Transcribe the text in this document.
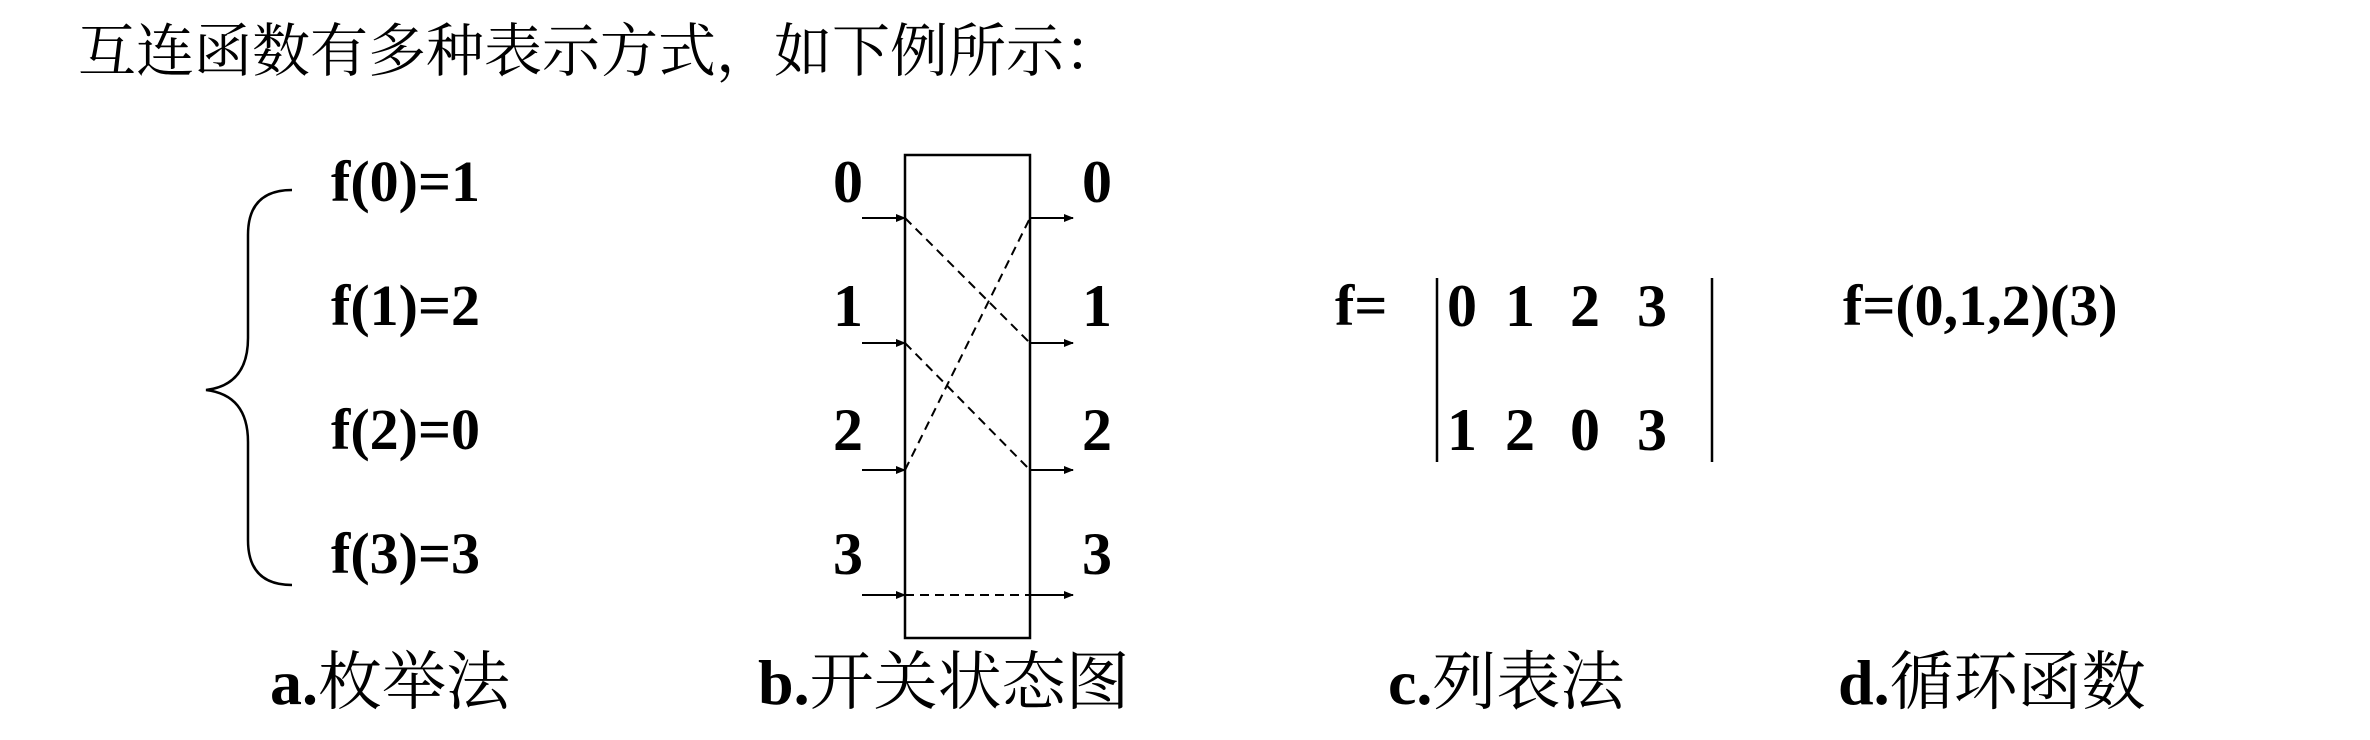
互连函数有多种表示方式，如下例所示：
f(0)=1
f(1)=2
f(2)=0
f(3)=3
0
1
2
3
0
1
2
3
f= 0 1 2 3
1 2 0 3
f=(0,1,2)(3)
a.枚举法	b.开关状态图	c.列表法	d.循环函数
